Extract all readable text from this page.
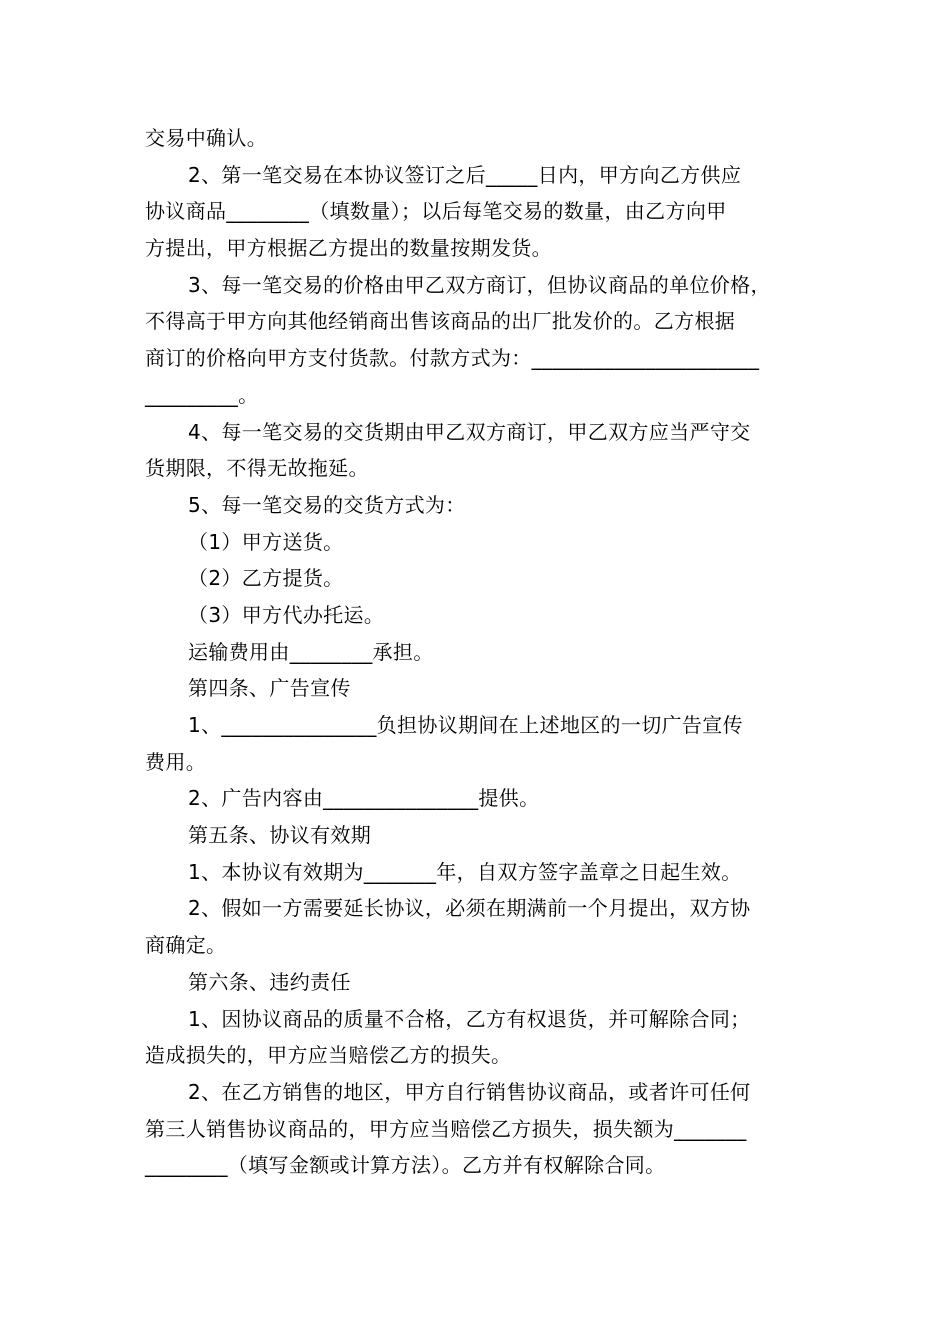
交易中确认。
2、第一笔交易在本协议签订之后_____日内，甲方向乙方供应
协议商品________（填数量）；以后每笔交易的数量，由乙方向甲
方提出，甲方根据乙方提出的数量按期发货。
3、每一笔交易的价格由甲乙双方商订，但协议商品的单位价格，
不得高于甲方向其他经销商出售该商品的出厂批发价的。乙方根据
商订的价格向甲方支付货款。付款方式为：______________________
_________。
4、每一笔交易的交货期由甲乙双方商订，甲乙双方应当严守交
货期限，不得无故拖延。
5、每一笔交易的交货方式为：
（1）甲方送货。
（2）乙方提货。
（3）甲方代办托运。
运输费用由________承担。
第四条、广告宣传
1、_______________负担协议期间在上述地区的一切广告宣传
费用。
2、广告内容由_______________提供。
第五条、协议有效期
1、本协议有效期为_______年，自双方签字盖章之日起生效。
2、假如一方需要延长协议，必须在期满前一个月提出，双方协
商确定。
第六条、违约责任
1、因协议商品的质量不合格，乙方有权退货，并可解除合同；
造成损失的，甲方应当赔偿乙方的损失。
2、在乙方销售的地区，甲方自行销售协议商品，或者许可任何
第三人销售协议商品的，甲方应当赔偿乙方损失，损失额为_______
________（填写金额或计算方法）。乙方并有权解除合同。
